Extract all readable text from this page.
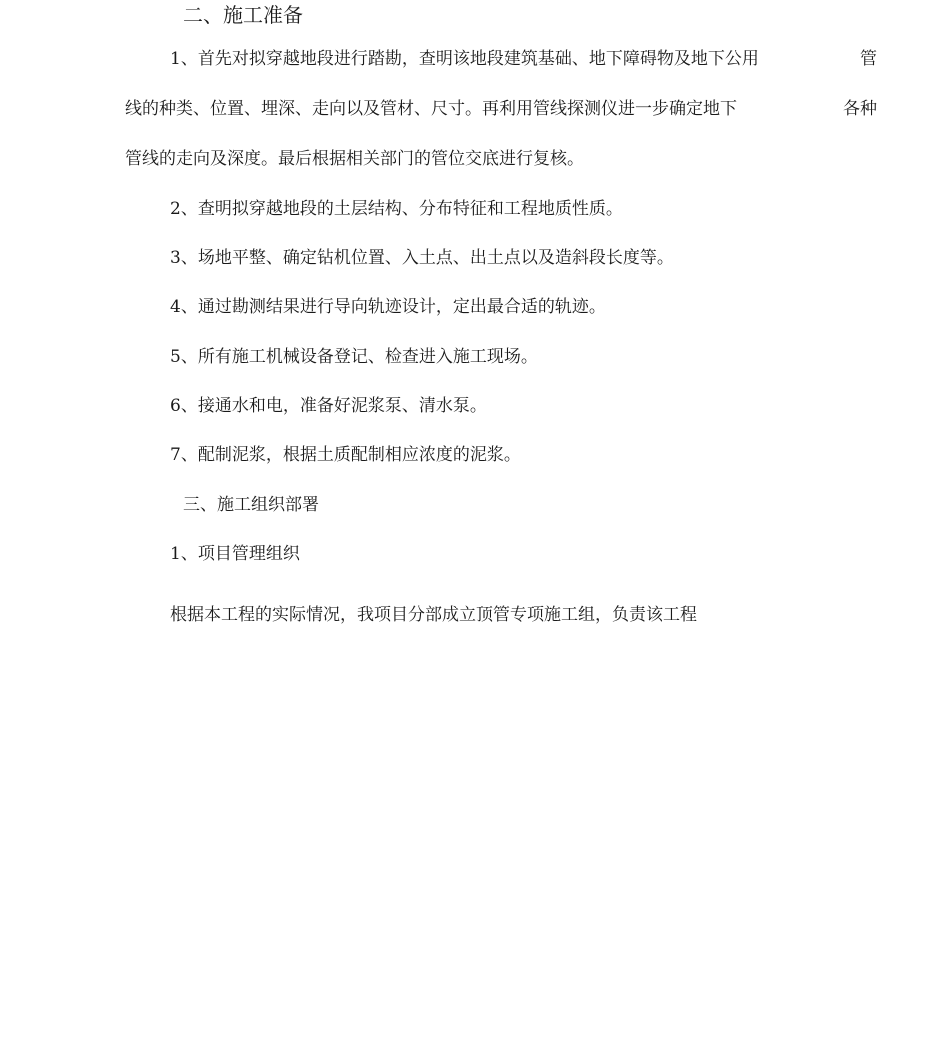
二、施工准备
1、首先对拟穿越地段进行踏勘，查明该地段建筑基础、地下障碍物及地下公用	管
线的种类、位置、埋深、走向以及管材、尺寸。再利用管线探测仪进一步确定地下	各种
管线的走向及深度。最后根据相关部门的管位交底进行复核。
2、查明拟穿越地段的土层结构、分布特征和工程地质性质。
3、场地平整、确定钻机位置、入土点、出土点以及造斜段长度等。
4、通过勘测结果进行导向轨迹设计，定出最合适的轨迹。
5、所有施工机械设备登记、检查进入施工现场。
6、接通水和电，准备好泥浆泵、清水泵。
7、配制泥浆，根据土质配制相应浓度的泥浆。
三、施工组织部署
1、项目管理组织
根据本工程的实际情况，我项目分部成立顶管专项施工组，负责该工程
